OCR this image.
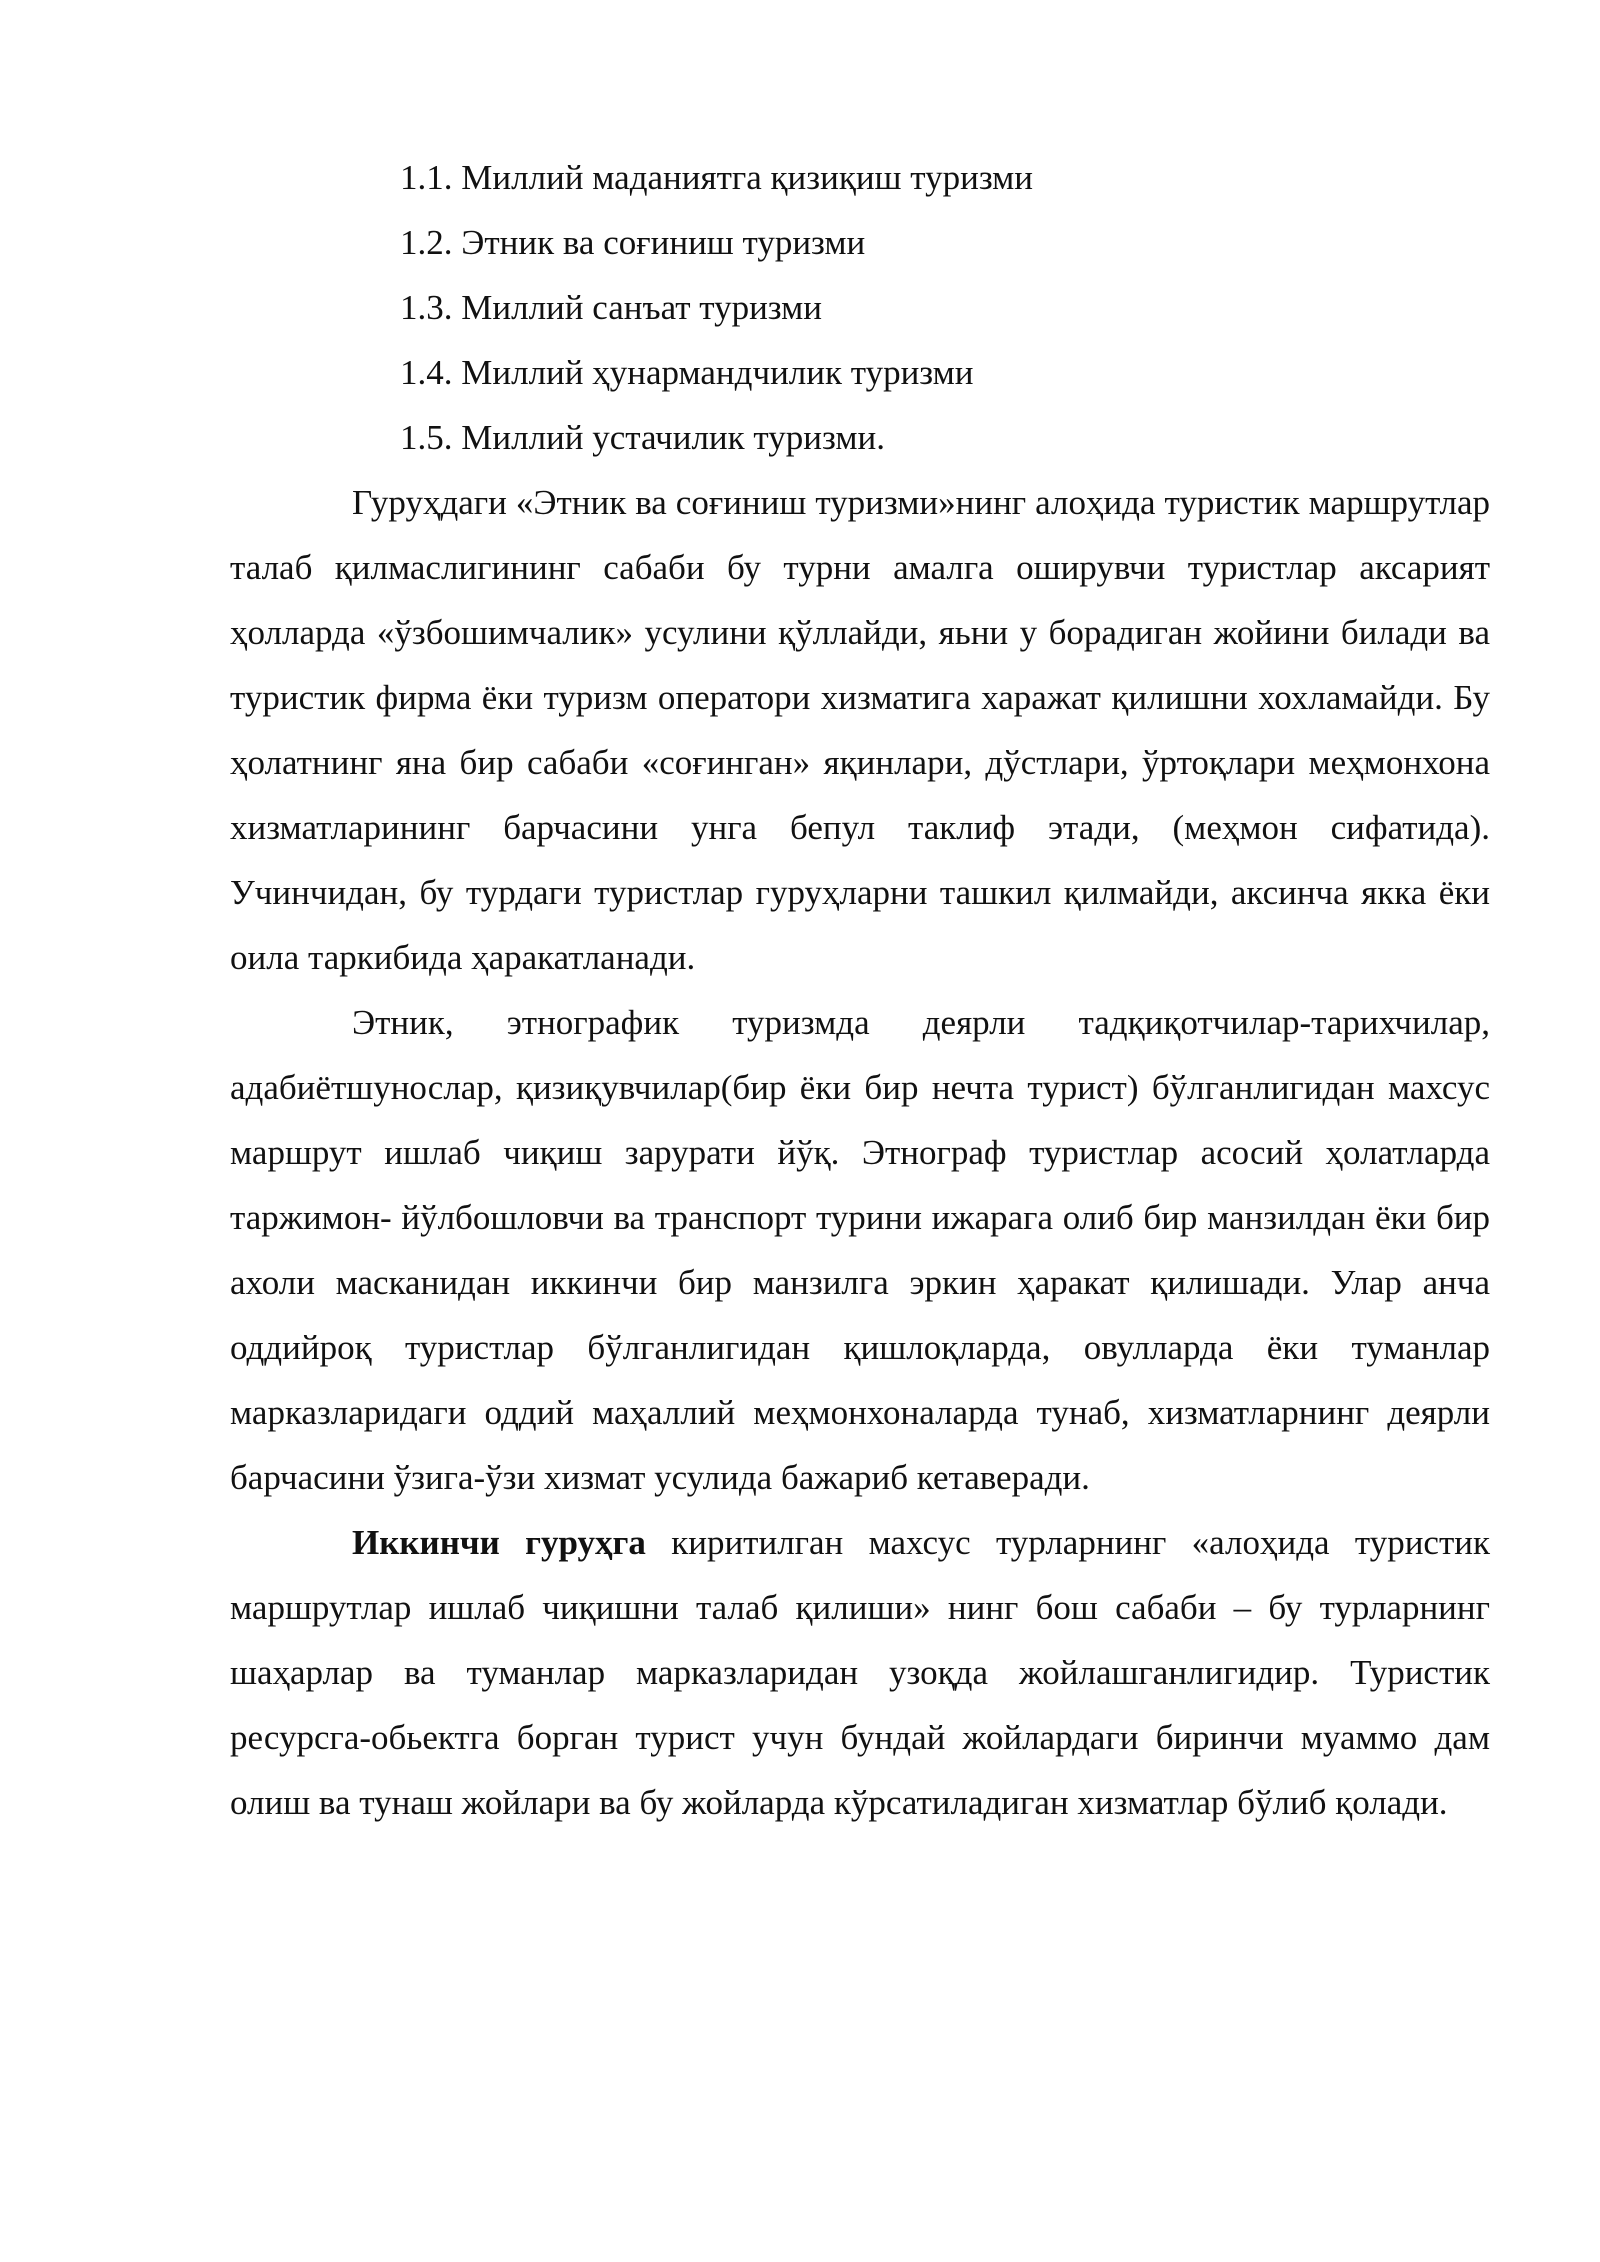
1.1. Миллий маданиятга қизиқиш туризми
1.2. Этник ва соғиниш туризми
1.3. Миллий санъат туризми
1.4. Миллий ҳунармандчилик туризми
1.5. Миллий устачилик туризми.

Гуруҳдаги «Этник ва соғиниш туризми»нинг алоҳида туристик маршрутлар талаб қилмаслигининг сабаби бу турни амалга оширувчи туристлар аксарият ҳолларда «ўзбошимчалик» усулини қўллайди, яьни у борадиган жойини билади ва туристик фирма ёки туризм оператори хизматига харажат қилишни хохламайди. Бу ҳолатнинг яна бир сабаби «соғинган» яқинлари, дўстлари, ўртоқлари меҳмонхона хизматларининг барчасини унга бепул таклиф этади, (меҳмон сифатида). Учинчидан, бу турдаги туристлар гуруҳларни ташкил қилмайди, аксинча якка ёки оила таркибида ҳаракатланади.

Этник, этнографик туризмда деярли тадқиқотчилар-тарихчилар, адабиётшунослар, қизиқувчилар(бир ёки бир нечта турист) бўлганлигидан махсус маршрут ишлаб чиқиш зарурати йўқ. Этнограф туристлар асосий ҳолатларда таржимон- йўлбошловчи ва транспорт турини ижарага олиб бир манзилдан ёки бир ахоли масканидан иккинчи бир манзилга эркин ҳаракат қилишади. Улар анча оддийроқ туристлар бўлганлигидан қишлоқларда, овулларда ёки туманлар марказларидаги оддий маҳаллий меҳмонхоналарда тунаб, хизматларнинг деярли барчасини ўзига-ўзи хизмат усулида бажариб кетаверади.

Иккинчи гуруҳга киритилган махсус турларнинг «алоҳида туристик маршрутлар ишлаб чиқишни талаб қилиши» нинг бош сабаби – бу турларнинг шаҳарлар ва туманлар марказларидан узоқда жойлашганлигидир. Туристик ресурсга-обьектга борган турист учун бундай жойлардаги биринчи муаммо дам олиш ва тунаш жойлари ва бу жойларда кўрсатиладиган хизматлар бўлиб қолади.
